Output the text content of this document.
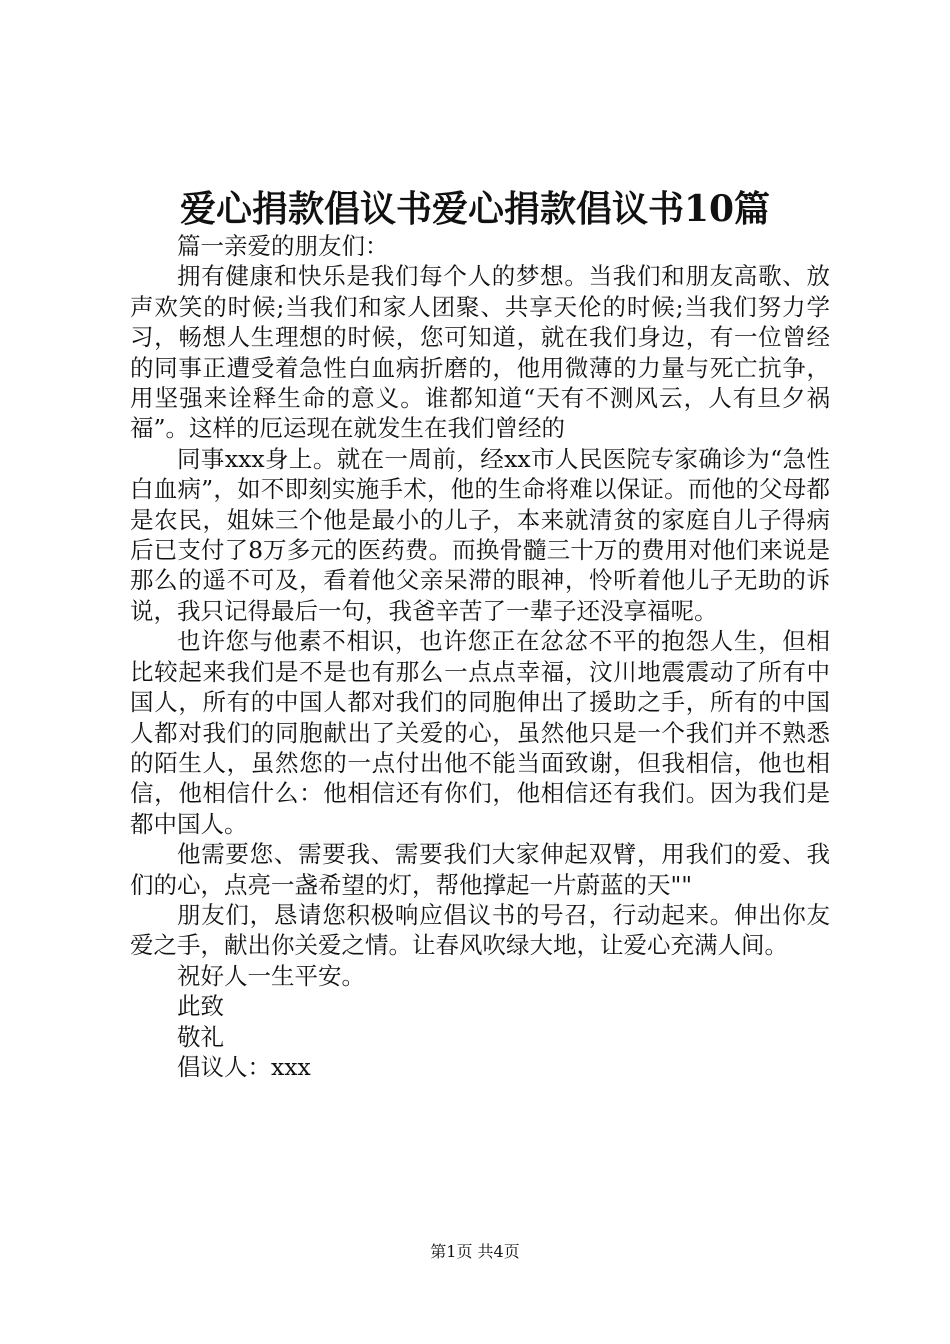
爱心捐款倡议书爱心捐款倡议书10篇

篇一亲爱的朋友们：

拥有健康和快乐是我们每个人的梦想。当我们和朋友高歌、放声欢笑的时候;当我们和家人团聚、共享天伦的时候;当我们努力学习，畅想人生理想的时候，您可知道，就在我们身边，有一位曾经的同事正遭受着急性白血病折磨的，他用微薄的力量与死亡抗争，用坚强来诠释生命的意义。谁都知道“天有不测风云，人有旦夕祸福”。这样的厄运现在就发生在我们曾经的

同事xxx身上。就在一周前，经xx市人民医院专家确诊为“急性白血病”，如不即刻实施手术，他的生命将难以保证。而他的父母都是农民，姐妹三个他是最小的儿子，本来就清贫的家庭自儿子得病后已支付了8万多元的医药费。而换骨髓三十万的费用对他们来说是那么的遥不可及，看着他父亲呆滞的眼神，怜听着他儿子无助的诉说，我只记得最后一句，我爸辛苦了一辈子还没享福呢。

也许您与他素不相识，也许您正在忿忿不平的抱怨人生，但相比较起来我们是不是也有那么一点点幸福，汶川地震震动了所有中国人，所有的中国人都对我们的同胞伸出了援助之手，所有的中国人都对我们的同胞献出了关爱的心，虽然他只是一个我们并不熟悉的陌生人，虽然您的一点付出他不能当面致谢，但我相信，他也相信，他相信什么：他相信还有你们，他相信还有我们。因为我们是都中国人。

他需要您、需要我、需要我们大家伸起双臂，用我们的爱、我们的心，点亮一盏希望的灯，帮他撑起一片蔚蓝的天""

朋友们，恳请您积极响应倡议书的号召，行动起来。伸出你友爱之手，献出你关爱之情。让春风吹绿大地，让爱心充满人间。

祝好人一生平安。

此致

敬礼

倡议人：xxx

第1页 共4页
